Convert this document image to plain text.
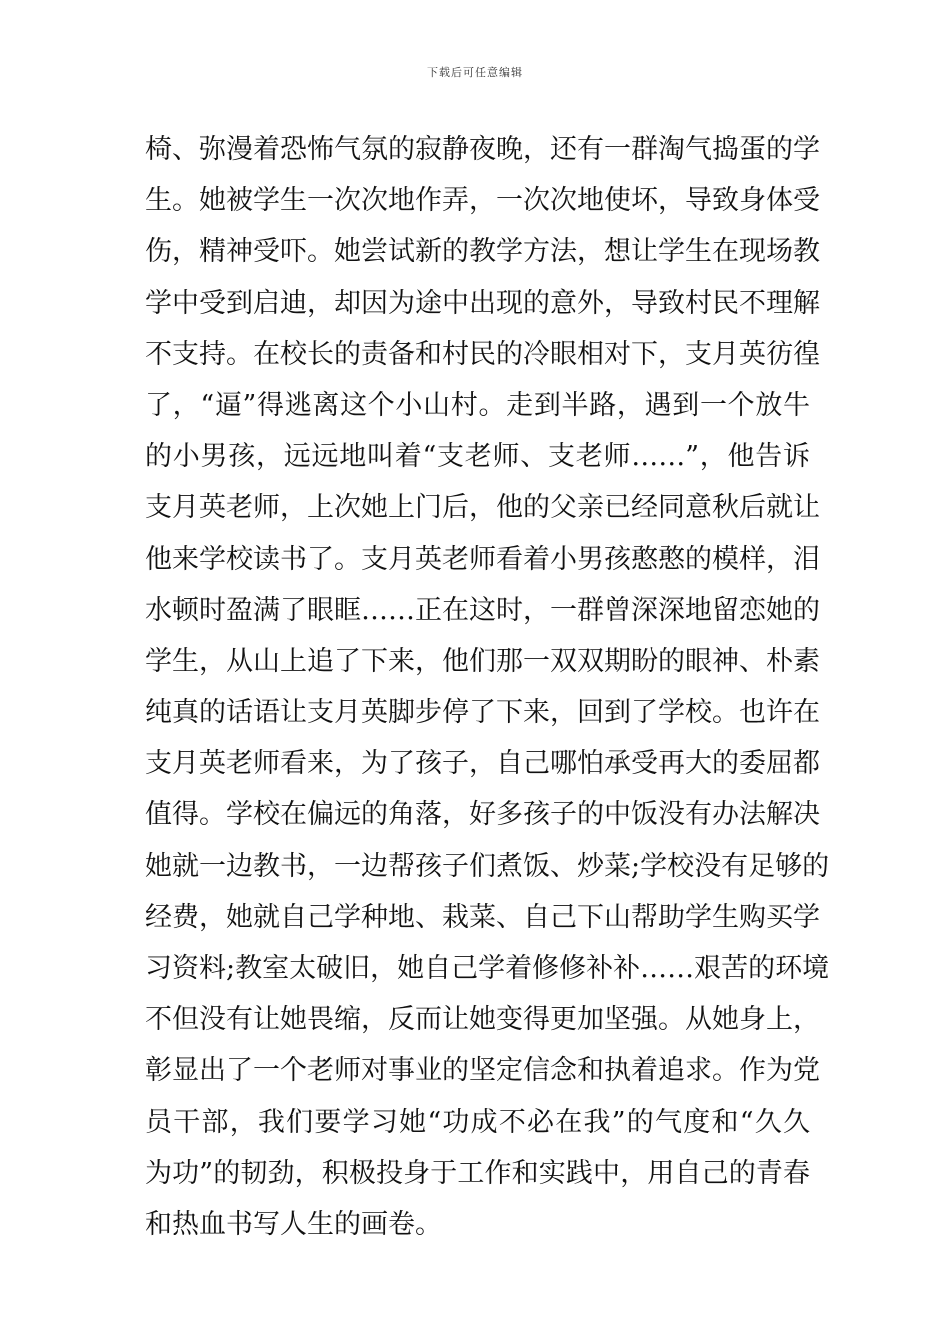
下载后可任意编辑
椅、弥漫着恐怖气氛的寂静夜晚，还有一群淘气捣蛋的学
生。她被学生一次次地作弄，一次次地使坏，导致身体受
伤，精神受吓。她尝试新的教学方法，想让学生在现场教
学中受到启迪，却因为途中出现的意外，导致村民不理解
不支持。在校长的责备和村民的冷眼相对下，支月英彷徨
了，“逼”得逃离这个小山村。走到半路，遇到一个放牛
的小男孩，远远地叫着“支老师、支老师……”，他告诉
支月英老师，上次她上门后，他的父亲已经同意秋后就让
他来学校读书了。支月英老师看着小男孩憨憨的模样，泪
水顿时盈满了眼眶……正在这时，一群曾深深地留恋她的
学生，从山上追了下来，他们那一双双期盼的眼神、朴素
纯真的话语让支月英脚步停了下来，回到了学校。也许在
支月英老师看来，为了孩子，自己哪怕承受再大的委屈都
值得。学校在偏远的角落，好多孩子的中饭没有办法解决
她就一边教书，一边帮孩子们煮饭、炒菜;学校没有足够的
经费，她就自己学种地、栽菜、自己下山帮助学生购买学
习资料;教室太破旧，她自己学着修修补补……艰苦的环境
不但没有让她畏缩，反而让她变得更加坚强。从她身上，
彰显出了一个老师对事业的坚定信念和执着追求。作为党
员干部，我们要学习她“功成不必在我”的气度和“久久
为功”的韧劲，积极投身于工作和实践中，用自己的青春
和热血书写人生的画卷。
